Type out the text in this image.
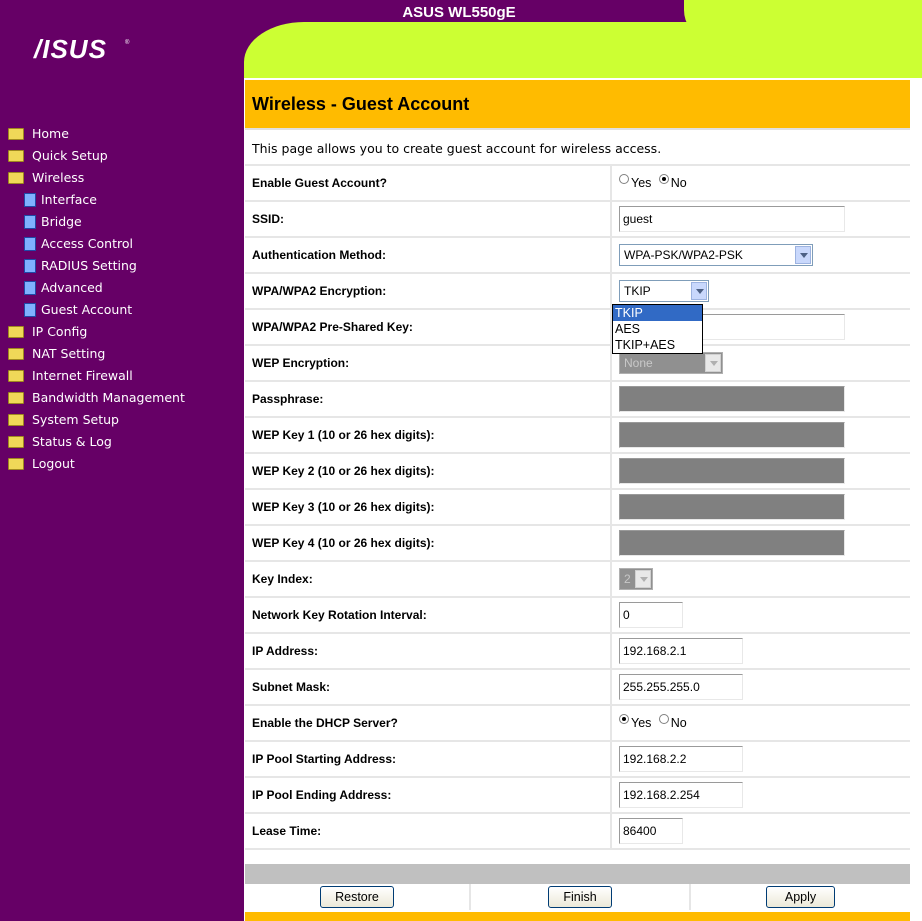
/ISUS	®
Home
Quick Setup
Wireless
Interface
Bridge
Access Control
RADIUS Setting
Advanced
Guest Account
IP Config
NAT Setting
Internet Firewall
Bandwidth Management
System Setup
Status & Log
Logout
ASUS WL550gE
Wireless - Guest Account
This page allows you to create guest account for wireless access.
Enable Guest Account?	Yes No
SSID:	guest

Authentication Method:	WPA-PSK/WPA2-PSK

WPA/WPA2 Encryption:	TKIP

WPA/WPA2 Pre-Shared Key:	

WEP Encryption:	None

Passphrase:	

WEP Key 1 (10 or 26 hex digits):	

WEP Key 2 (10 or 26 hex digits):	

WEP Key 3 (10 or 26 hex digits):	

WEP Key 4 (10 or 26 hex digits):	

Key Index:	2

Network Key Rotation Interval:	0

IP Address:	192.168.2.1

Subnet Mask:	255.255.255.0

Enable the DHCP Server?	Yes No
IP Pool Starting Address:	192.168.2.2

IP Pool Ending Address:	192.168.2.254

Lease Time:	86400
TKIP
AES
TKIP+AES
Restore	Finish	Apply
